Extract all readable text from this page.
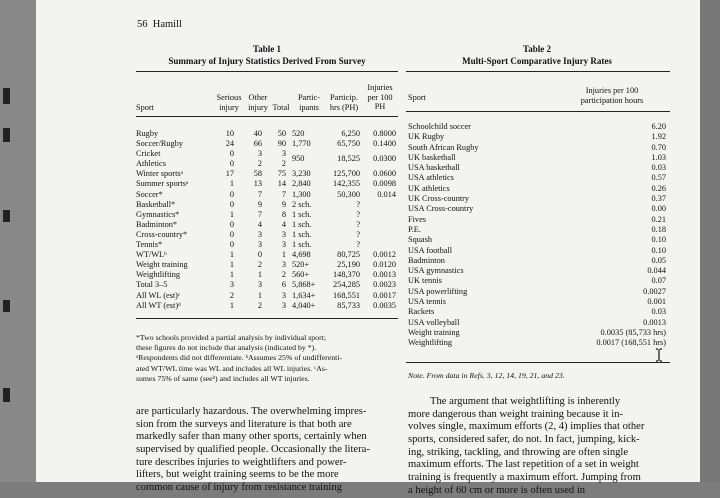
56 Hamill
Table 1
Summary of Injury Statistics Derived From Survey
Sport
Serious
injury
Other
injury Total
Partic-
ipants
Particip.
hrs (PH)
Injuries
per 100
PH
Rugby
Soccer/Rugby
Cricket
Athletics
Winter sportsᵃ
Summer sportsᵃ
Soccer*
Basketball*
Gymnastics*
Badminton*
Cross-country*
Tennis*
WT/WLᵇ
Weight training
Weightlifting
Total 3–5
All WL (est)ᶜ
All WT (est)ᵈ
10
24
0
0
17
1
0
0
1
0
0
0
1
1
1
3
2
1
40
66
3
2
58
13
7
9
7
4
3
3
0
2
1
3
1
2
50
90
3
2
75
14
7
9
8
4
3
3
1
3
2
6
3
3
520
1,770
950
3,230
2,840
1,300
2 sch.
1 sch.
1 sch.
1 sch.
1 sch.
4,698
520+
560+
5,868+
1,634+
4,040+
6,250
65,750
18,525
125,700
142,355
50,300
?
?
?
?
?
80,725
25,190
148,370
254,285
168,551
85,733
0.8000
0.1400
0.0300
0.0600
0.0098
0.014
0.0012
0.0120
0.0013
0.0023
0.0017
0.0035
*Two schools provided a partial analysis by individual sport;
these figures do not include that analysis (indicated by *).
ᵃRespondents did not differentiate. ᵇAssumes 25% of undifferenti-
ated WT/WL time was WL and includes all WL injuries. ᶜAs-
sumes 75% of same (seeᵇ) and includes all WT injuries.
Table 2
Multi-Sport Comparative Injury Rates
Sport
Injuries per 100
participation hours
Schoolchild soccer
UK Rugby
South African Rugby
UK basketball
USA basketball
USA athletics
UK athletics
UK Cross-country
USA Cross-country
Fives
P.E.
Squash
USA football
Badminton
USA gymnastics
UK tennis
USA powerlifting
USA tennis
Rackets
USA volleyball
Weight training
Weightlifting
6.20
1.92
0.70
1.03
0.03
0.57
0.26
0.37
0.00
0.21
0.18
0.10
0.10
0.05
0.044
0.07
0.0027
0.001
0.03
0.0013
0.0035 (85,733 hrs)
0.0017 (168,551 hrs)
Note. From data in Refs. 3, 12, 14, 19, 21, and 23.
are particularly hazardous. The overwhelming impres-
sion from the surveys and literature is that both are
markedly safer than many other sports, certainly when
supervised by qualified people. Occasionally the litera-
ture describes injuries to weightlifters and power-
lifters, but weight training seems to be the more
common cause of injury from resistance training
The argument that weightlifting is inherently
more dangerous than weight training because it in-
volves single, maximum efforts (2, 4) implies that other
sports, considered safer, do not. In fact, jumping, kick-
ing, striking, tackling, and throwing are often single
maximum efforts. The last repetition of a set in weight
training is frequently a maximum effort. Jumping from
a height of 60 cm or more is often used in
